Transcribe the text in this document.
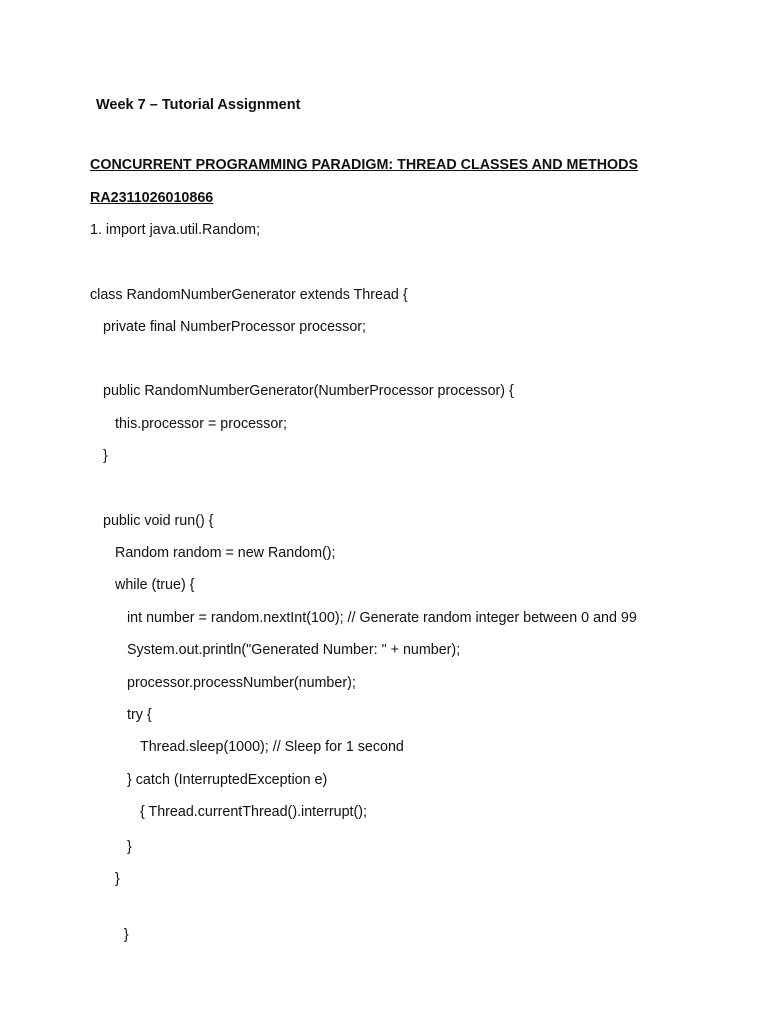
Week 7 – Tutorial Assignment
CONCURRENT PROGRAMMING PARADIGM: THREAD CLASSES AND METHODS
RA2311026010866
1. import java.util.Random;
class RandomNumberGenerator extends Thread {
private final NumberProcessor processor;
public RandomNumberGenerator(NumberProcessor processor) {
this.processor = processor;
}
public void run() {
Random random = new Random();
while (true) {
int number = random.nextInt(100); // Generate random integer between 0 and 99
System.out.println("Generated Number: " + number);
processor.processNumber(number);
try {
Thread.sleep(1000); // Sleep for 1 second
} catch (InterruptedException e)
{ Thread.currentThread().interrupt();
}
}

}
